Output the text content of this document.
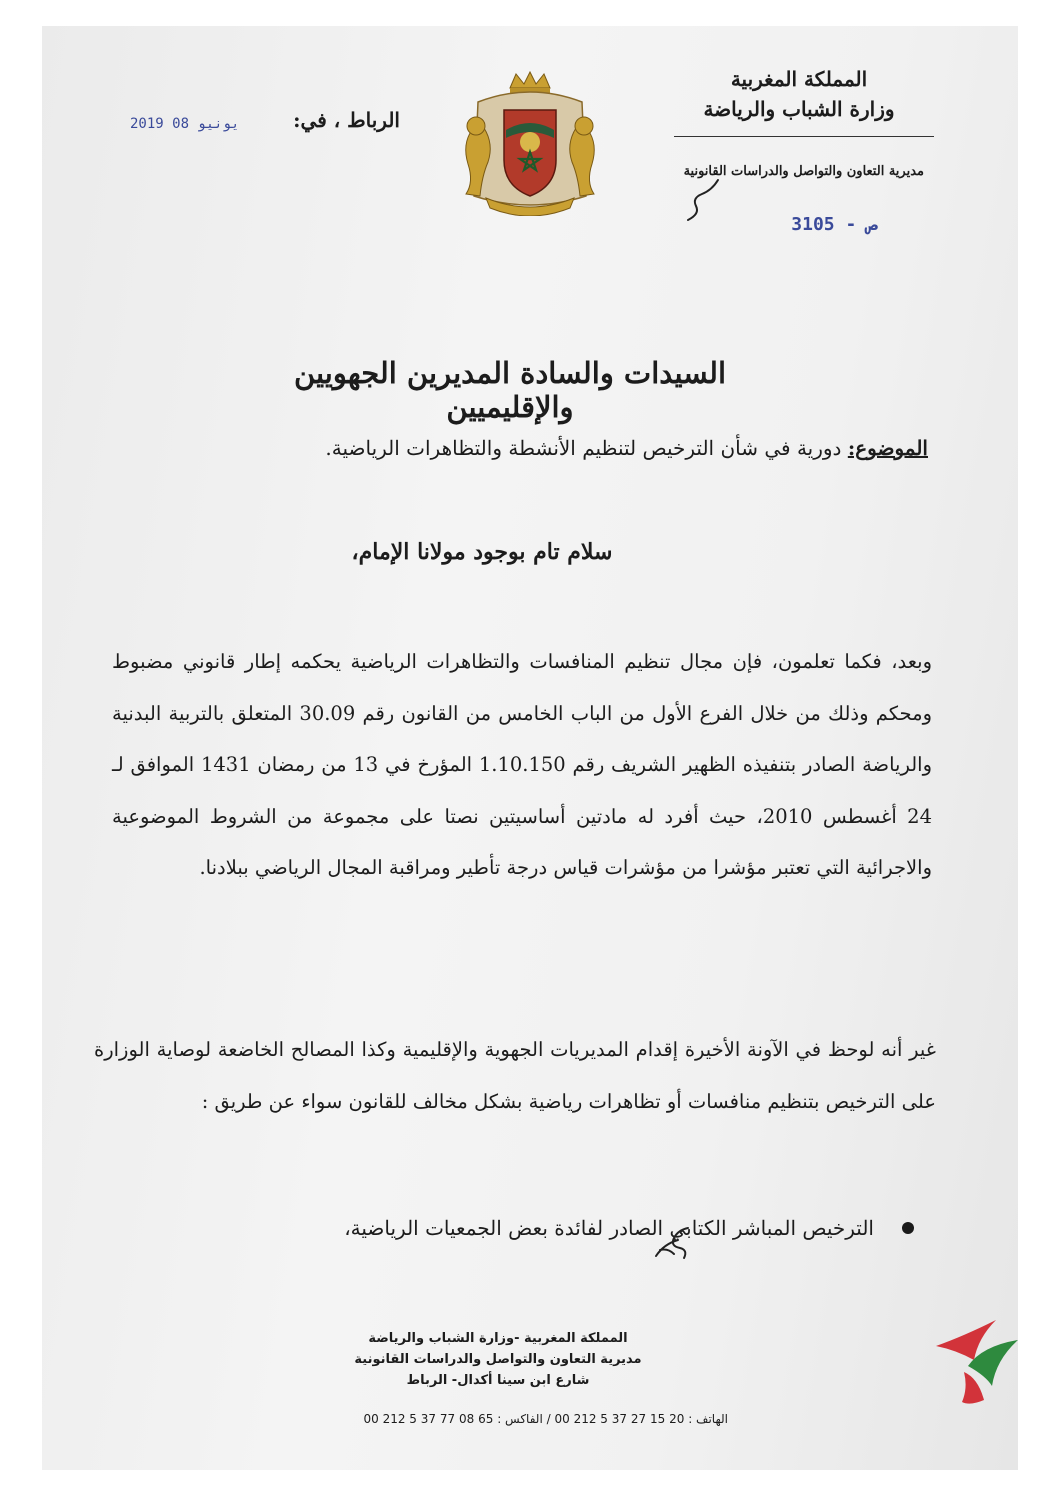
المملكة المغربية
وزارة الشباب والرياضة
مديرية التعاون والتواصل والدراسات القانونية
3105 - ص
الرباط ، في:
2019 يونيو 08
السيدات والسادة المديرين الجهويين والإقليميين
الموضوع: دورية في شأن الترخيص لتنظيم الأنشطة والتظاهرات الرياضية.
سلام تام بوجود مولانا الإمام،
وبعد، فكما تعلمون، فإن مجال تنظيم المنافسات والتظاهرات الرياضية يحكمه إطار قانوني مضبوط ومحكم وذلك من خلال الفرع الأول من الباب الخامس من القانون رقم 30.09 المتعلق بالتربية البدنية والرياضة الصادر بتنفيذه الظهير الشريف رقم 1.10.150 المؤرخ في 13 من رمضان 1431 الموافق لـ 24 أغسطس 2010، حيث أفرد له مادتين أساسيتين نصتا على مجموعة من الشروط الموضوعية والاجرائية التي تعتبر مؤشرا من مؤشرات قياس درجة تأطير ومراقبة المجال الرياضي ببلادنا.
غير أنه لوحظ في الآونة الأخيرة إقدام المديريات الجهوية والإقليمية وكذا المصالح الخاضعة لوصاية الوزارة على الترخيص بتنظيم منافسات أو تظاهرات رياضية بشكل مخالف للقانون سواء عن طريق :
الترخيص المباشر الكتابي الصادر لفائدة بعض الجمعيات الرياضية،
المملكة المغربية -وزارة الشباب والرياضة
مديرية التعاون والتواصل والدراسات القانونية
شارع ابن سينا أكدال- الرباط
الهاتف : 20 15 27 37 5 212 00 / الفاكس : 65 08 77 37 5 212 00
